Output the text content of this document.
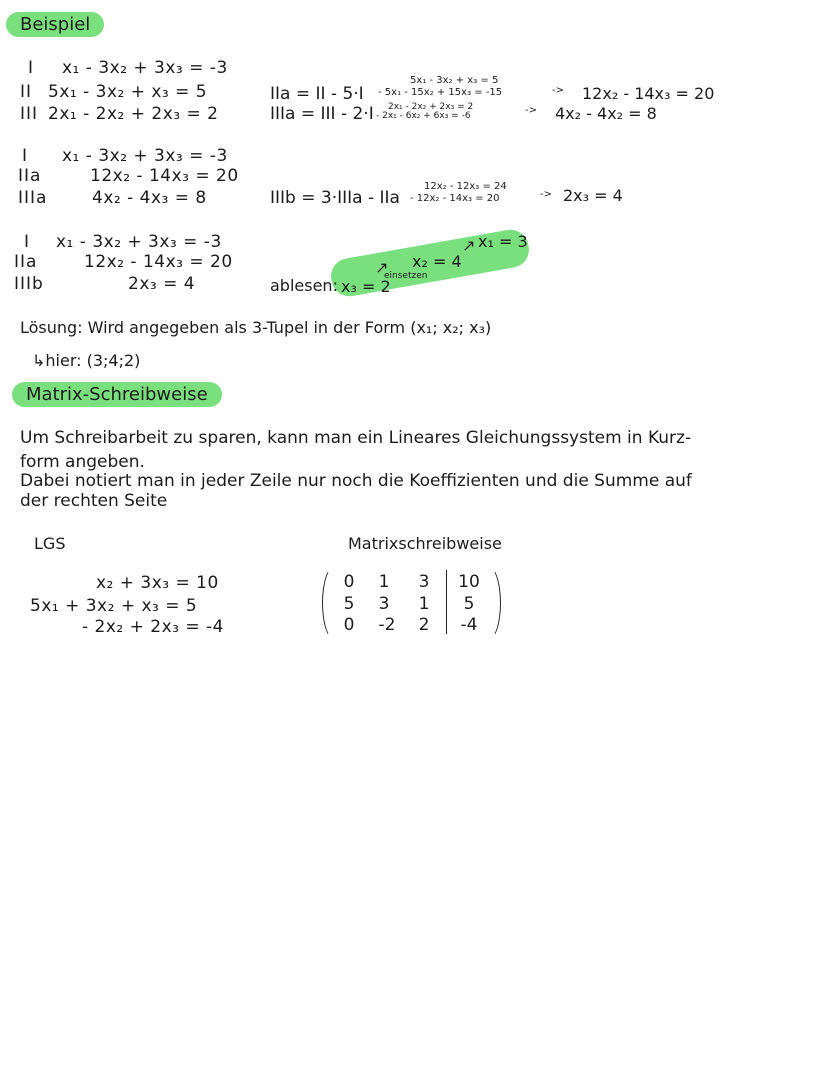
Beispiel
I x₁ - 3x₂ + 3x₃ = -3
II 5x₁ - 3x₂ + x₃ = 5
III 2x₁ - 2x₂ + 2x₃ = 2
IIa = II - 5·I
IIIa = III - 2·I
5x₁ - 3x₂ + x₃ = 5
- 5x₁ - 15x₂ + 15x₃ = -15
2x₁ - 2x₂ + 2x₃ = 2
- 2x₁ - 6x₂ + 6x₃ = -6
->
->
12x₂ - 14x₃ = 20
4x₂ - 4x₂ = 8
I x₁ - 3x₂ + 3x₃ = -3
IIa	12x₂ - 14x₃ = 20
IIIa	4x₂ - 4x₃ = 8	IIIb = 3·IIIa - IIa
12x₂ - 12x₃ = 24
- 12x₂ - 14x₃ = 20	-> 2x₃ = 4
I x₁ - 3x₂ + 3x₃ = -3
IIa	12x₂ - 14x₃ = 20
IIIb	2x₃ = 4	ablesen: x₃ = 2
↗
einsetzen
x₂ = 4
↗ x₁ = 3
Lösung: Wird angegeben als 3-Tupel in der Form (x₁; x₂; x₃)
↳hier: (3;4;2)
Matrix-Schreibweise
Um Schreibarbeit zu sparen, kann man ein Lineares Gleichungssystem in Kurz-
form angeben.
Dabei notiert man in jeder Zeile nur noch die Koeffizienten und die Summe auf
der rechten Seite
LGS
x₂ + 3x₃ = 10
5x₁ + 3x₂ + x₃ = 5
- 2x₂ + 2x₃ = -4
Matrixschreibweise
0	1	3	10
5	3	1	5
0	-2	2	-4
